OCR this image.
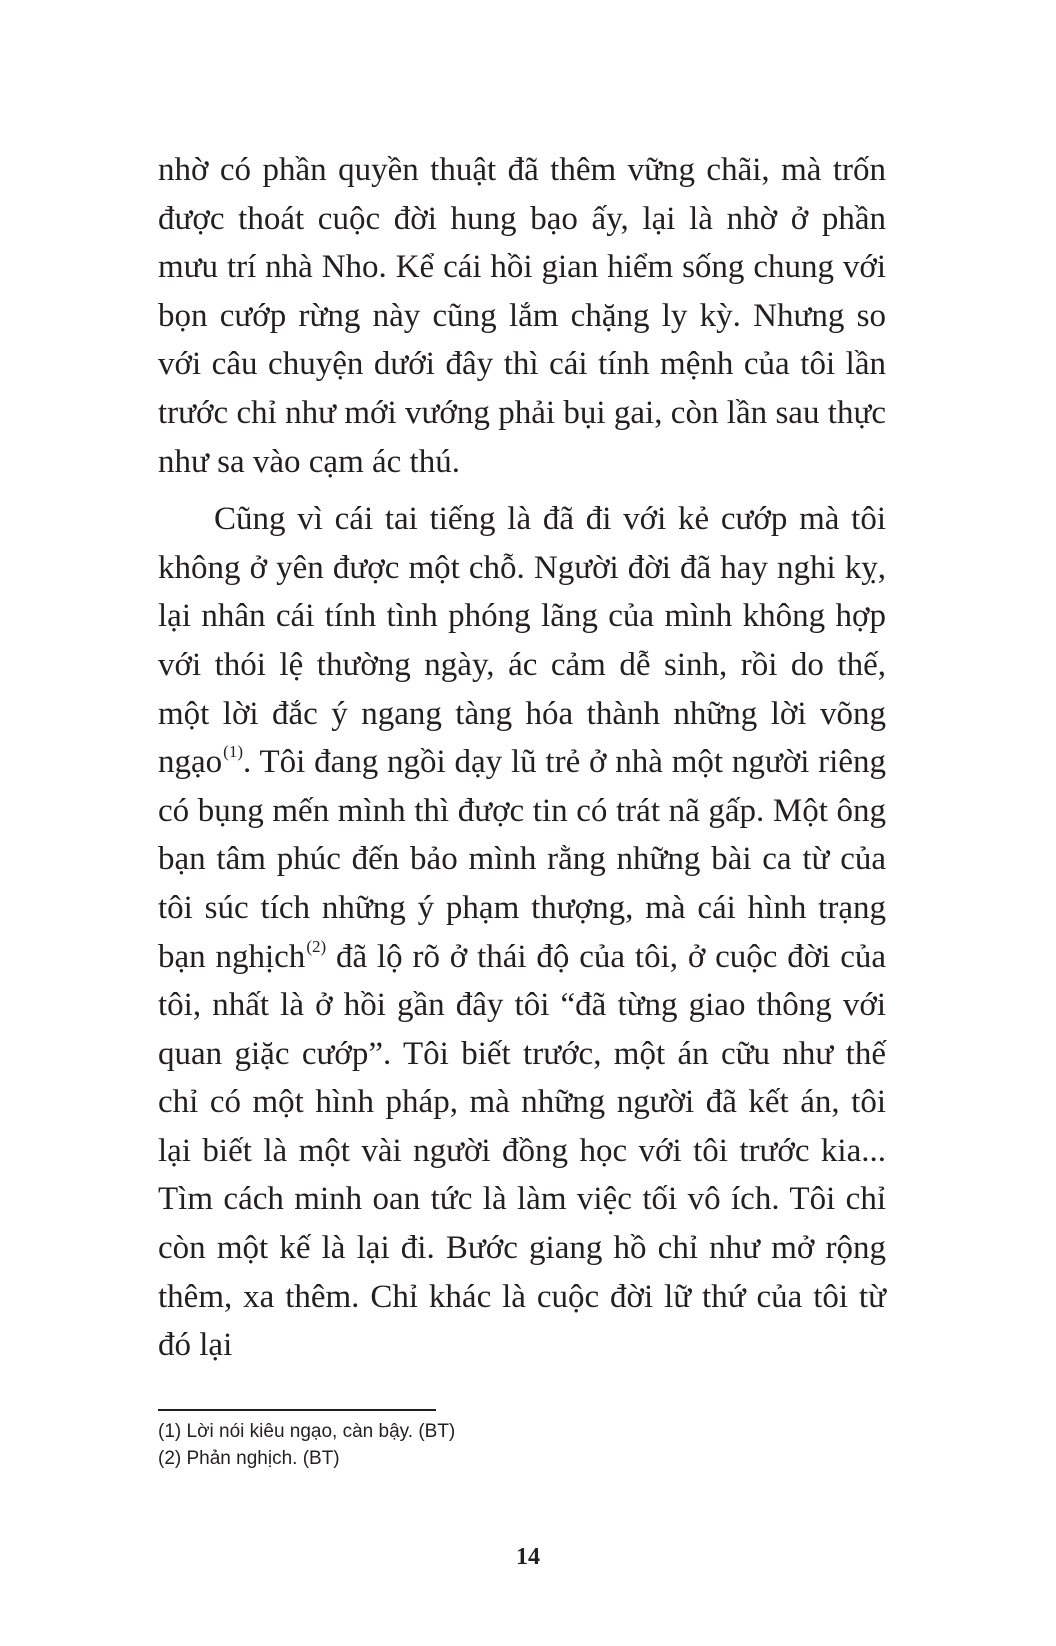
nhờ có phần quyền thuật đã thêm vững chãi, mà trốn được thoát cuộc đời hung bạo ấy, lại là nhờ ở phần mưu trí nhà Nho. Kể cái hồi gian hiểm sống chung với bọn cướp rừng này cũng lắm chặng ly kỳ. Nhưng so với câu chuyện dưới đây thì cái tính mệnh của tôi lần trước chỉ như mới vướng phải bụi gai, còn lần sau thực như sa vào cạm ác thú.

Cũng vì cái tai tiếng là đã đi với kẻ cướp mà tôi không ở yên được một chỗ. Người đời đã hay nghi kỵ, lại nhân cái tính tình phóng lãng của mình không hợp với thói lệ thường ngày, ác cảm dễ sinh, rồi do thế, một lời đắc ý ngang tàng hóa thành những lời võng ngạo$^{(1)}$. Tôi đang ngồi dạy lũ trẻ ở nhà một người riêng có bụng mến mình thì được tin có trát nã gấp. Một ông bạn tâm phúc đến bảo mình rằng những bài ca từ của tôi súc tích những ý phạm thượng, mà cái hình trạng bạn nghịch$^{(2)}$ đã lộ rõ ở thái độ của tôi, ở cuộc đời của tôi, nhất là ở hồi gần đây tôi “đã từng giao thông với quan giặc cướp”. Tôi biết trước, một án cữu như thế chỉ có một hình pháp, mà những người đã kết án, tôi lại biết là một vài người đồng học với tôi trước kia... Tìm cách minh oan tức là làm việc tối vô ích. Tôi chỉ còn một kế là lại đi. Bước giang hồ chỉ như mở rộng thêm, xa thêm. Chỉ khác là cuộc đời lữ thứ của tôi từ đó lại

(1) Lời nói kiêu ngạo, càn bậy. (BT)
(2) Phản nghịch. (BT)
14
